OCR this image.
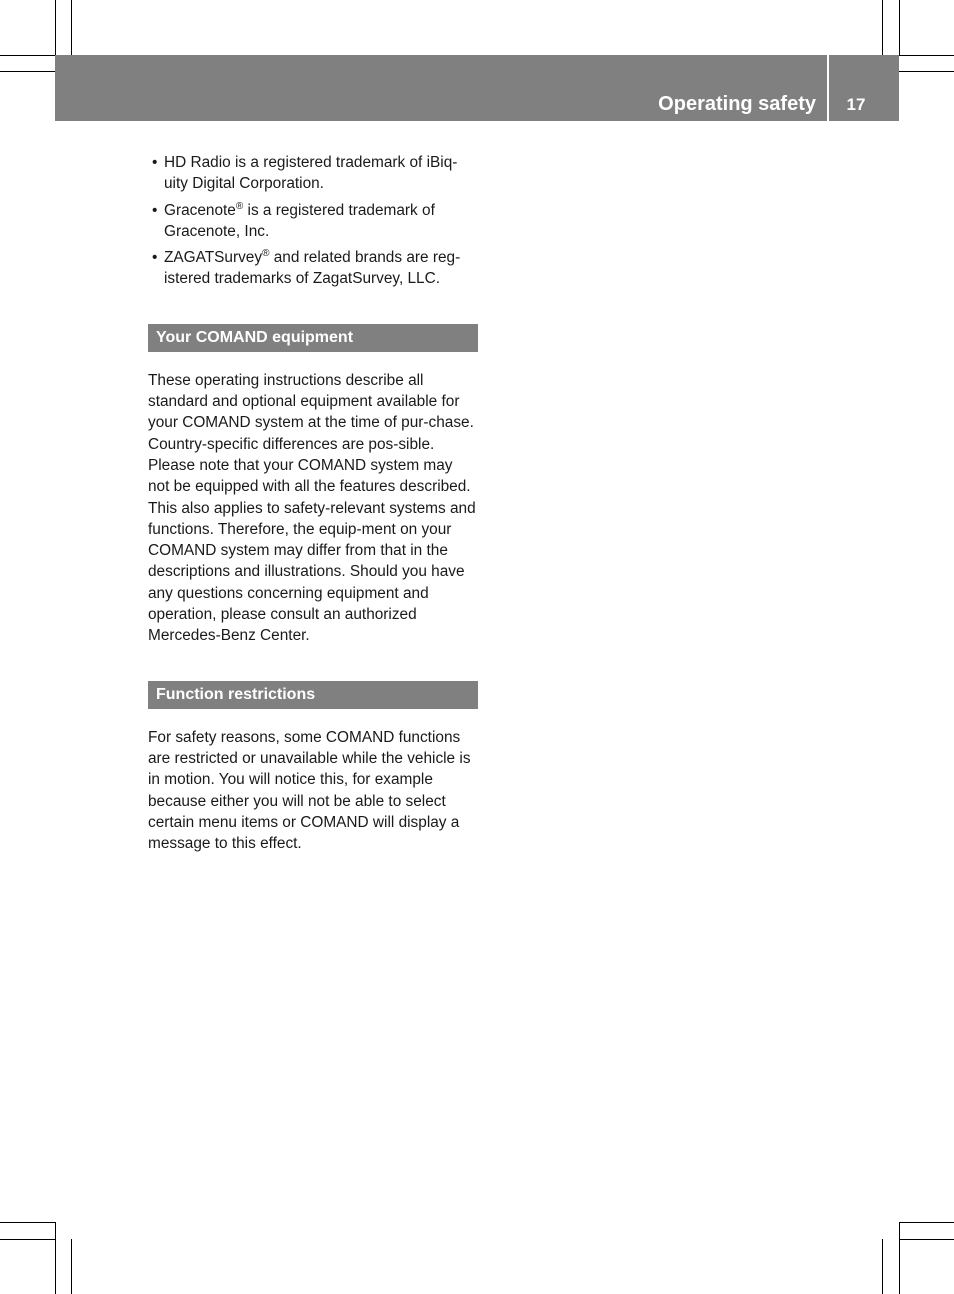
Operating safety	17
• HD Radio is a registered trademark of iBiq-uity Digital Corporation.
• Gracenote® is a registered trademark of Gracenote, Inc.
• ZAGATSurvey® and related brands are reg-istered trademarks of ZagatSurvey, LLC.
Your COMAND equipment

These operating instructions describe all standard and optional equipment available for your COMAND system at the time of pur-chase. Country-specific differences are pos-sible. Please note that your COMAND system may not be equipped with all the features described. This also applies to safety-relevant systems and functions. Therefore, the equip-ment on your COMAND system may differ from that in the descriptions and illustrations. Should you have any questions concerning equipment and operation, please consult an authorized Mercedes-Benz Center.

Function restrictions

For safety reasons, some COMAND functions are restricted or unavailable while the vehicle is in motion. You will notice this, for example because either you will not be able to select certain menu items or COMAND will display a message to this effect.
